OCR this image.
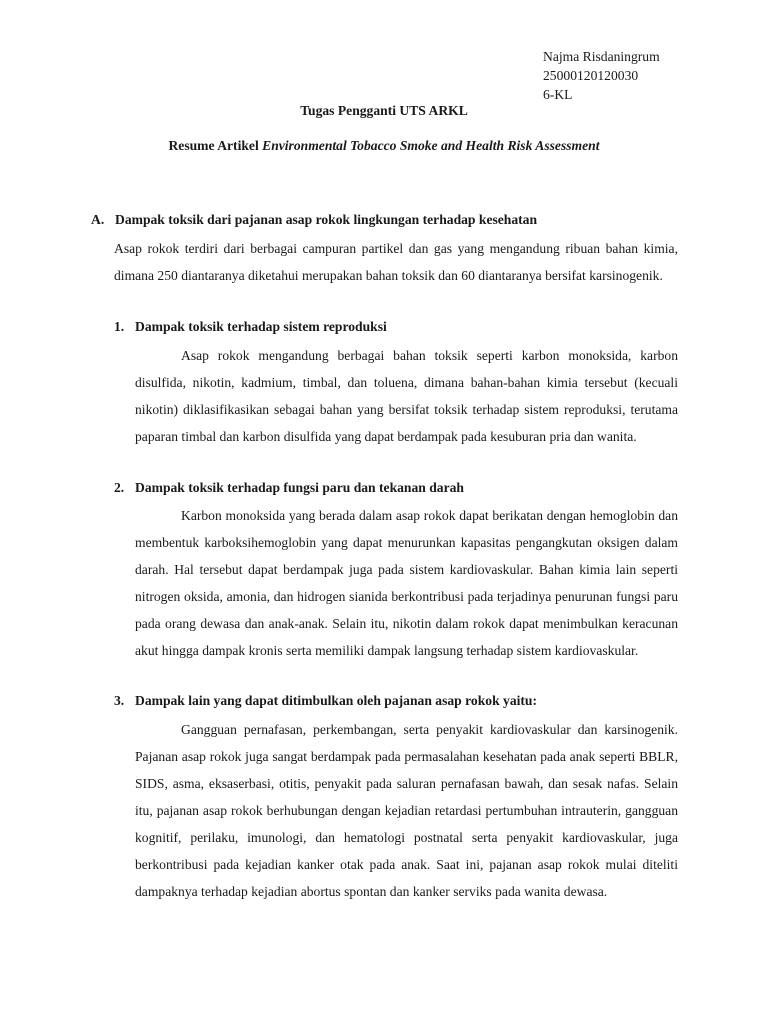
Najma Risdaningrum
25000120120030
6-KL
Tugas Pengganti UTS ARKL
Resume Artikel Environmental Tobacco Smoke and Health Risk Assessment
A. Dampak toksik dari pajanan asap rokok lingkungan terhadap kesehatan
Asap rokok terdiri dari berbagai campuran partikel dan gas yang mengandung ribuan bahan kimia, dimana 250 diantaranya diketahui merupakan bahan toksik dan 60 diantaranya bersifat karsinogenik.
1. Dampak toksik terhadap sistem reproduksi
Asap rokok mengandung berbagai bahan toksik seperti karbon monoksida, karbon disulfida, nikotin, kadmium, timbal, dan toluena, dimana bahan-bahan kimia tersebut (kecuali nikotin) diklasifikasikan sebagai bahan yang bersifat toksik terhadap sistem reproduksi, terutama paparan timbal dan karbon disulfida yang dapat berdampak pada kesuburan pria dan wanita.
2. Dampak toksik terhadap fungsi paru dan tekanan darah
Karbon monoksida yang berada dalam asap rokok dapat berikatan dengan hemoglobin dan membentuk karboksihemoglobin yang dapat menurunkan kapasitas pengangkutan oksigen dalam darah. Hal tersebut dapat berdampak juga pada sistem kardiovaskular. Bahan kimia lain seperti nitrogen oksida, amonia, dan hidrogen sianida berkontribusi pada terjadinya penurunan fungsi paru pada orang dewasa dan anak-anak. Selain itu, nikotin dalam rokok dapat menimbulkan keracunan akut hingga dampak kronis serta memiliki dampak langsung terhadap sistem kardiovaskular.
3. Dampak lain yang dapat ditimbulkan oleh pajanan asap rokok yaitu:
Gangguan pernafasan, perkembangan, serta penyakit kardiovaskular dan karsinogenik. Pajanan asap rokok juga sangat berdampak pada permasalahan kesehatan pada anak seperti BBLR, SIDS, asma, eksaserbasi, otitis, penyakit pada saluran pernafasan bawah, dan sesak nafas. Selain itu, pajanan asap rokok berhubungan dengan kejadian retardasi pertumbuhan intrauterin, gangguan kognitif, perilaku, imunologi, dan hematologi postnatal serta penyakit kardiovaskular, juga berkontribusi pada kejadian kanker otak pada anak. Saat ini, pajanan asap rokok mulai diteliti dampaknya terhadap kejadian abortus spontan dan kanker serviks pada wanita dewasa.
